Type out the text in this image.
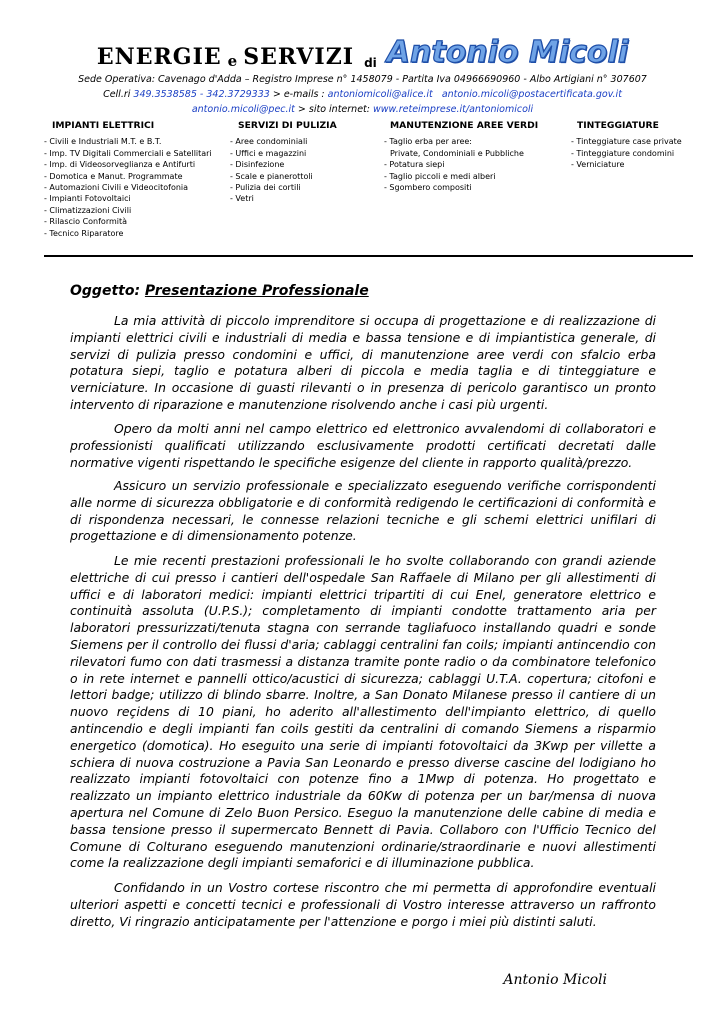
ENERGIE e SERVIZI di Antonio Micoli
Sede Operativa: Cavenago d'Adda – Registro Imprese n° 1458079 - Partita Iva 04966690960 - Albo Artigiani n° 307607
Cell.ri 349.3538585 - 342.3729333 > e-mails : antoniomicoli@alice.it antonio.micoli@postacertificata.gov.it
antonio.micoli@pec.it > sito internet: www.reteimprese.it/antoniomicoli
IMPIANTI ELETTRICI
- Civili e Industriali M.T. e B.T.
- Imp. TV Digitali Commerciali e Satellitari
- Imp. di Videosorveglianza e Antifurti
- Domotica e Manut. Programmate
- Automazioni Civili e Videocitofonia
- Impianti Fotovoltaici
- Climatizzazioni Civili
- Rilascio Conformità
- Tecnico Riparatore
SERVIZI DI PULIZIA
- Aree condominiali
- Uffici e magazzini
- Disinfezione
- Scale e pianerottoli
- Pulizia dei cortili
- Vetri
MANUTENZIONE AREE VERDI
- Taglio erba per aree:
Private, Condominiali e Pubbliche
- Potatura siepi
- Taglio piccoli e medi alberi
- Sgombero compositi
TINTEGGIATURE
- Tinteggiature case private
- Tinteggiature condomini
- Verniciature
Oggetto: Presentazione Professionale
La mia attività di piccolo imprenditore si occupa di progettazione e di realizzazione di impianti elettrici civili e industriali di media e bassa tensione e di impiantistica generale, di servizi di pulizia presso condomini e uffici, di manutenzione aree verdi con sfalcio erba potatura siepi, taglio e potatura alberi di piccola e media taglia e di tinteggiature e verniciature. In occasione di guasti rilevanti o in presenza di pericolo garantisco un pronto intervento di riparazione e manutenzione risolvendo anche i casi più urgenti.
Opero da molti anni nel campo elettrico ed elettronico avvalendomi di collaboratori e professionisti qualificati utilizzando esclusivamente prodotti certificati decretati dalle normative vigenti rispettando le specifiche esigenze del cliente in rapporto qualità/prezzo.
Assicuro un servizio professionale e specializzato eseguendo verifiche corrispondenti alle norme di sicurezza obbligatorie e di conformità redigendo le certificazioni di conformità e di rispondenza necessari, le connesse relazioni tecniche e gli schemi elettrici unifilari di progettazione e di dimensionamento potenze.
Le mie recenti prestazioni professionali le ho svolte collaborando con grandi aziende elettriche di cui presso i cantieri dell'ospedale San Raffaele di Milano per gli allestimenti di uffici e di laboratori medici: impianti elettrici tripartiti di cui Enel, generatore elettrico e continuità assoluta (U.P.S.); completamento di impianti condotte trattamento aria per laboratori pressurizzati/tenuta stagna con serrande tagliafuoco installando quadri e sonde Siemens per il controllo dei flussi d'aria; cablaggi centralini fan coils; impianti antincendio con rilevatori fumo con dati trasmessi a distanza tramite ponte radio o da combinatore telefonico o in rete internet e pannelli ottico/acustici di sicurezza; cablaggi U.T.A. copertura; citofoni e lettori badge; utilizzo di blindo sbarre. Inoltre, a San Donato Milanese presso il cantiere di un nuovo reçidens di 10 piani, ho aderito all'allestimento dell'impianto elettrico, di quello antincendio e degli impianti fan coils gestiti da centralini di comando Siemens a risparmio energetico (domotica). Ho eseguito una serie di impianti fotovoltaici da 3Kwp per villette a schiera di nuova costruzione a Pavia San Leonardo e presso diverse cascine del lodigiano ho realizzato impianti fotovoltaici con potenze fino a 1Mwp di potenza. Ho progettato e realizzato un impianto elettrico industriale da 60Kw di potenza per un bar/mensa di nuova apertura nel Comune di Zelo Buon Persico. Eseguo la manutenzione delle cabine di media e bassa tensione presso il supermercato Bennett di Pavia. Collaboro con l'Ufficio Tecnico del Comune di Colturano eseguendo manutenzioni ordinarie/straordinarie e nuovi allestimenti come la realizzazione degli impianti semaforici e di illuminazione pubblica.
Confidando in un Vostro cortese riscontro che mi permetta di approfondire eventuali ulteriori aspetti e concetti tecnici e professionali di Vostro interesse attraverso un raffronto diretto, Vi ringrazio anticipatamente per l'attenzione e porgo i miei più distinti saluti.
Antonio Micoli
